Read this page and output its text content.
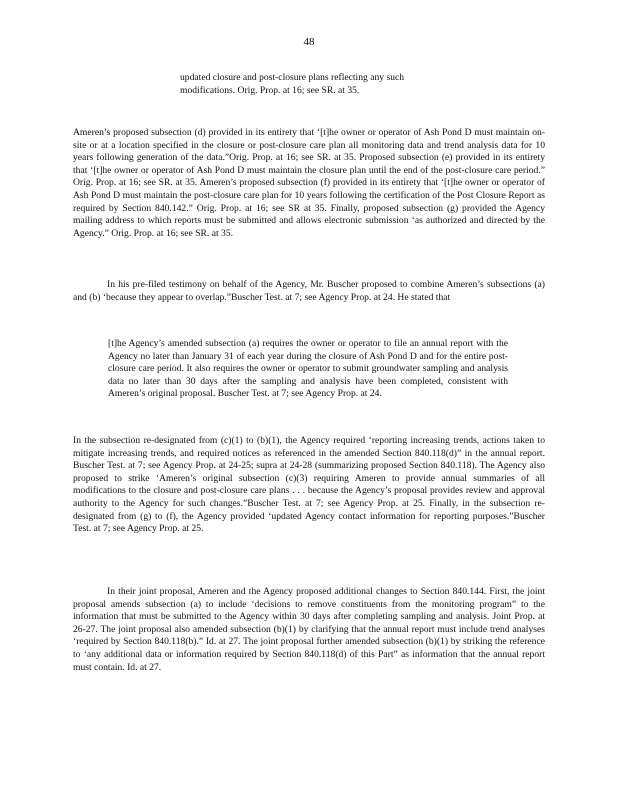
48

updated closure and post-closure plans reflecting any such modifications. Orig. Prop. at 16; see SR. at 35.

Ameren’s proposed subsection (d) provided in its entirety that ‘[t]he owner or operator of Ash Pond D must maintain on-site or at a location specified in the closure or post-closure care plan all monitoring data and trend analysis data for 10 years following generation of the data.”Orig. Prop. at 16; see SR. at 35. Proposed subsection (e) provided in its entirety that ‘[t]he owner or operator of Ash Pond D must maintain the closure plan until the end of the post-closure care period.” Orig. Prop. at 16; see SR. at 35. Ameren’s proposed subsection (f) provided in its entirety that ‘[t]he owner or operator of Ash Pond D must maintain the post-closure care plan for 10 years following the certification of the Post Closure Report as required by Section 840.142.” Orig. Prop. at 16; see SR at 35. Finally, proposed subsection (g) provided the Agency mailing address to which reports must be submitted and allows electronic submission ‘as authorized and directed by the Agency.” Orig. Prop. at 16; see SR. at 35.

In his pre-filed testimony on behalf of the Agency, Mr. Buscher proposed to combine Ameren’s subsections (a) and (b) ‘because they appear to overlap.”Buscher Test. at 7; see Agency Prop. at 24. He stated that

[t]he Agency’s amended subsection (a) requires the owner or operator to file an annual report with the Agency no later than January 31 of each year during the closure of Ash Pond D and for the entire post-closure care period. It also requires the owner or operator to submit groundwater sampling and analysis data no later than 30 days after the sampling and analysis have been completed, consistent with Ameren’s original proposal. Buscher Test. at 7; see Agency Prop. at 24.

In the subsection re-designated from (c)(1) to (b)(1), the Agency required ‘reporting increasing trends, actions taken to mitigate increasing trends, and required notices as referenced in the amended Section 840.118(d)” in the annual report. Buscher Test. at 7; see Agency Prop. at 24-25; supra at 24-28 (summarizing proposed Section 840.118). The Agency also proposed to strike ‘Ameren’s original subsection (c)(3) requiring Ameren to provide annual summaries of all modifications to the closure and post-closure care plans . . . because the Agency’s proposal provides review and approval authority to the Agency for such changes.”Buscher Test. at 7; see Agency Prop. at 25. Finally, in the subsection re-designated from (g) to (f), the Agency provided ‘updated Agency contact information for reporting purposes.”Buscher Test. at 7; see Agency Prop. at 25.

In their joint proposal, Ameren and the Agency proposed additional changes to Section 840.144. First, the joint proposal amends subsection (a) to include ‘decisions to remove constituents from the monitoring program” to the information that must be submitted to the Agency within 30 days after completing sampling and analysis. Joint Prop. at 26-27. The joint proposal also amended subsection (b)(1) by clarifying that the annual report must include trend analyses ‘required by Section 840.118(b).” Id. at 27. The joint proposal further amended subsection (b)(1) by striking the reference to ‘any additional data or information required by Section 840.118(d) of this Part” as information that the annual report must contain. Id. at 27.
